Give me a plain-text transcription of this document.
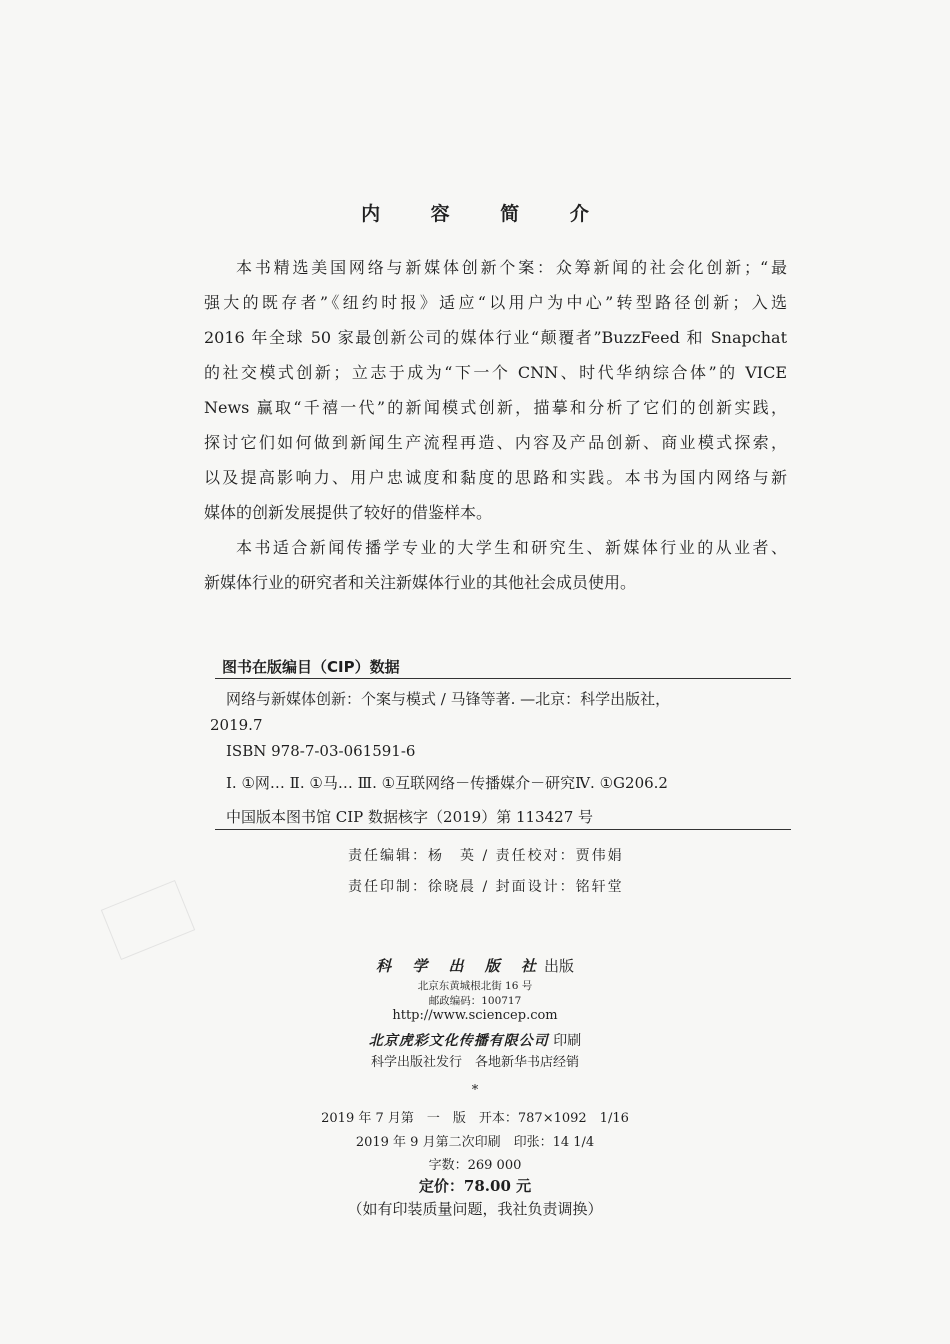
内 容 简 介

本书精选美国网络与新媒体创新个案：众筹新闻的社会化创新；“最

强大的既存者”《纽约时报》适应“以用户为中心”转型路径创新；入选

2016 年全球 50 家最创新公司的媒体行业“颠覆者”BuzzFeed 和 Snapchat

的社交模式创新；立志于成为“下一个 CNN、时代华纳综合体”的 VICE

News 赢取“千禧一代”的新闻模式创新，描摹和分析了它们的创新实践，

探讨它们如何做到新闻生产流程再造、内容及产品创新、商业模式探索，

以及提高影响力、用户忠诚度和黏度的思路和实践。本书为国内网络与新

媒体的创新发展提供了较好的借鉴样本。

本书适合新闻传播学专业的大学生和研究生、新媒体行业的从业者、

新媒体行业的研究者和关注新媒体行业的其他社会成员使用。

图书在版编目（CIP）数据
网络与新媒体创新：个案与模式 / 马锋等著. —北京：科学出版社，
2019.7
ISBN 978-7-03-061591-6
Ⅰ. ①网… Ⅱ. ①马… Ⅲ. ①互联网络－传播媒介－研究Ⅳ. ①G206.2
中国版本图书馆 CIP 数据核字（2019）第 113427 号
责任编辑：杨　英 / 责任校对：贾伟娟
责任印制：徐晓晨 / 封面设计：铭轩堂
科 学 出 版 社出版
北京东黄城根北街 16 号
邮政编码：100717
http://www.sciencep.com
北京虎彩文化传播有限公司 印刷
科学出版社发行　各地新华书店经销
*
2019 年 7 月第　一　版　开本：787×1092　1/16
2019 年 9 月第二次印刷　印张：14 1/4
字数：269 000
定价：78.00 元
（如有印装质量问题，我社负责调换）
